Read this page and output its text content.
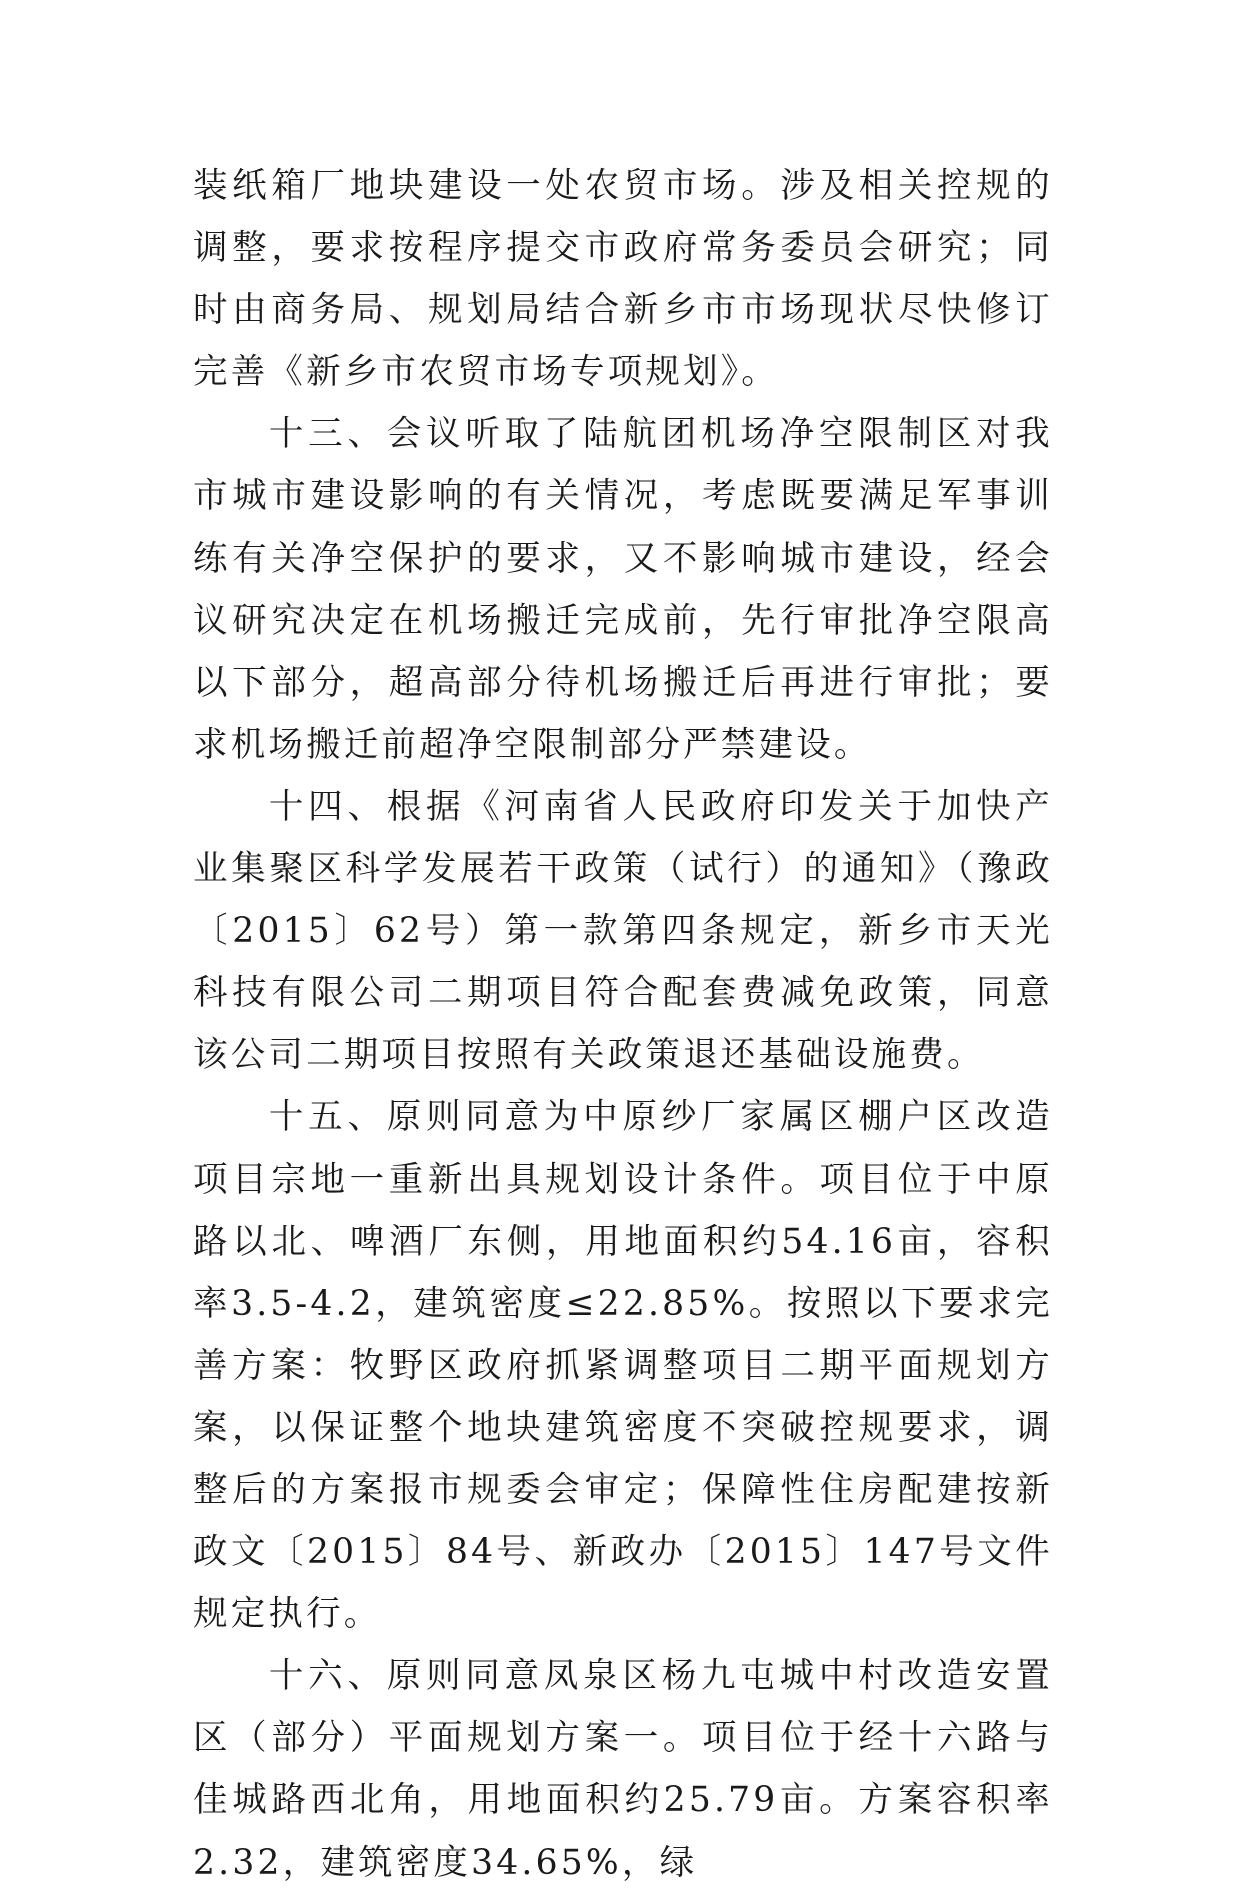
装纸箱厂地块建设一处农贸市场。涉及相关控规的调整，要求按程序提交市政府常务委员会研究；同时由商务局、规划局结合新乡市市场现状尽快修订完善《新乡市农贸市场专项规划》。

十三、会议听取了陆航团机场净空限制区对我市城市建设影响的有关情况，考虑既要满足军事训练有关净空保护的要求，又不影响城市建设，经会议研究决定在机场搬迁完成前，先行审批净空限高以下部分，超高部分待机场搬迁后再进行审批；要求机场搬迁前超净空限制部分严禁建设。

十四、根据《河南省人民政府印发关于加快产业集聚区科学发展若干政策（试行）的通知》（豫政〔2015〕62号）第一款第四条规定，新乡市天光科技有限公司二期项目符合配套费减免政策，同意该公司二期项目按照有关政策退还基础设施费。

十五、原则同意为中原纱厂家属区棚户区改造项目宗地一重新出具规划设计条件。项目位于中原路以北、啤酒厂东侧，用地面积约54.16亩，容积率3.5-4.2，建筑密度≤22.85%。按照以下要求完善方案：牧野区政府抓紧调整项目二期平面规划方案，以保证整个地块建筑密度不突破控规要求，调整后的方案报市规委会审定；保障性住房配建按新政文〔2015〕84号、新政办〔2015〕147号文件规定执行。

十六、原则同意凤泉区杨九屯城中村改造安置区（部分）平面规划方案一。项目位于经十六路与佳城路西北角，用地面积约25.79亩。方案容积率2.32，建筑密度34.65%，绿
